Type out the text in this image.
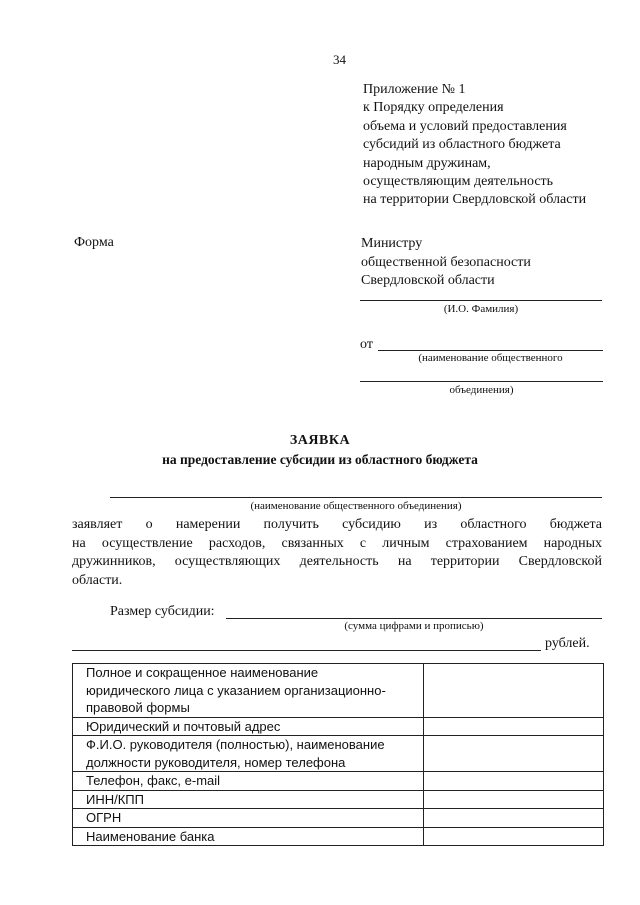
34
Приложение № 1
к Порядку определения
объема и условий предоставления
субсидий из областного бюджета
народным дружинам,
осуществляющим деятельность
на территории Свердловской области
Форма	Министру
общественной безопасности
Свердловской области
(И.О. Фамилия)
от
(наименование общественного
объединения)
ЗАЯВКА
на предоставление субсидии из областного бюджета
(наименование общественного объединения)
заявляет о намерении получить субсидию из областного бюджета
на осуществление расходов, связанных с личным страхованием народных
дружинников, осуществляющих деятельность на территории Свердловской
области.
Размер субсидии:
(сумма цифрами и прописью)
рублей.
Полное и сокращенное наименование
юридического лица с указанием организационно-
правовой формы	

Юридический и почтовый адрес	

Ф.И.О. руководителя (полностью), наименование
должности руководителя, номер телефона	

Телефон, факс, e-mail	

ИНН/КПП	

ОГРН	

Наименование банка	
